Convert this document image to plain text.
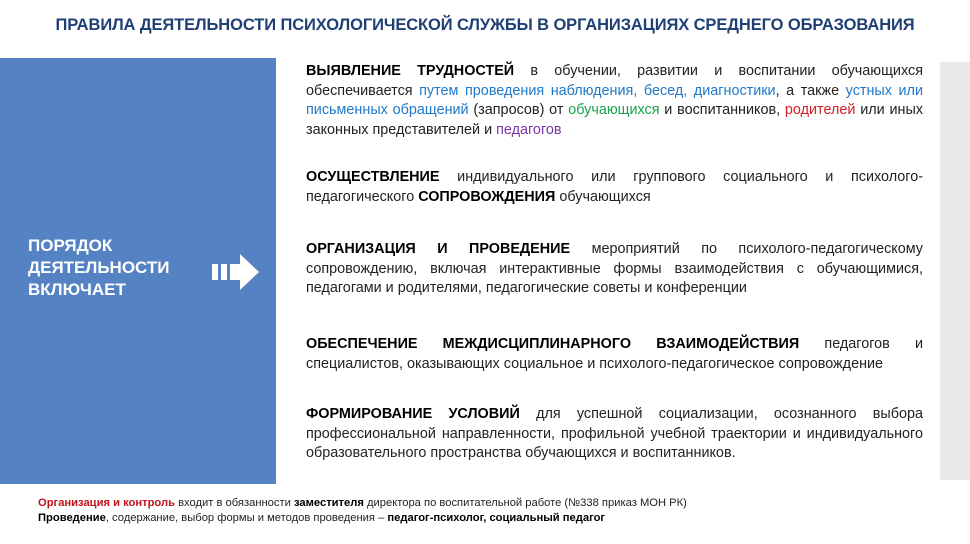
ПРАВИЛА ДЕЯТЕЛЬНОСТИ ПСИХОЛОГИЧЕСКОЙ СЛУЖБЫ В ОРГАНИЗАЦИЯХ СРЕДНЕГО ОБРАЗОВАНИЯ
ПОРЯДОК
ДЕЯТЕЛЬНОСТИ
ВКЛЮЧАЕТ

ВЫЯВЛЕНИЕ ТРУДНОСТЕЙ в обучении, развитии и воспитании обучающихся обеспечивается путем проведения наблюдения, бесед, диагностики, а также устных или письменных обращений (запросов) от обучающихся и воспитанников, родителей или иных законных представителей и педагогов

ОСУЩЕСТВЛЕНИЕ индивидуального или группового социального и психолого-педагогического СОПРОВОЖДЕНИЯ обучающихся

ОРГАНИЗАЦИЯ И ПРОВЕДЕНИЕ мероприятий по психолого-педагогическому сопровождению, включая интерактивные формы взаимодействия с обучающимися, педагогами и родителями, педагогические советы и конференции

ОБЕСПЕЧЕНИЕ МЕЖДИСЦИПЛИНАРНОГО ВЗАИМОДЕЙСТВИЯ педагогов и специалистов, оказывающих социальное и психолого-педагогическое сопровождение

ФОРМИРОВАНИЕ УСЛОВИЙ для успешной социализации, осознанного выбора профессиональной направленности, профильной учебной траектории и индивидуального образовательного пространства обучающихся и воспитанников.

Организация и контроль входит в обязанности заместителя директора по воспитательной работе (№338 приказ МОН РК)
Проведение, содержание, выбор формы и методов проведения – педагог-психолог, социальный педагог
